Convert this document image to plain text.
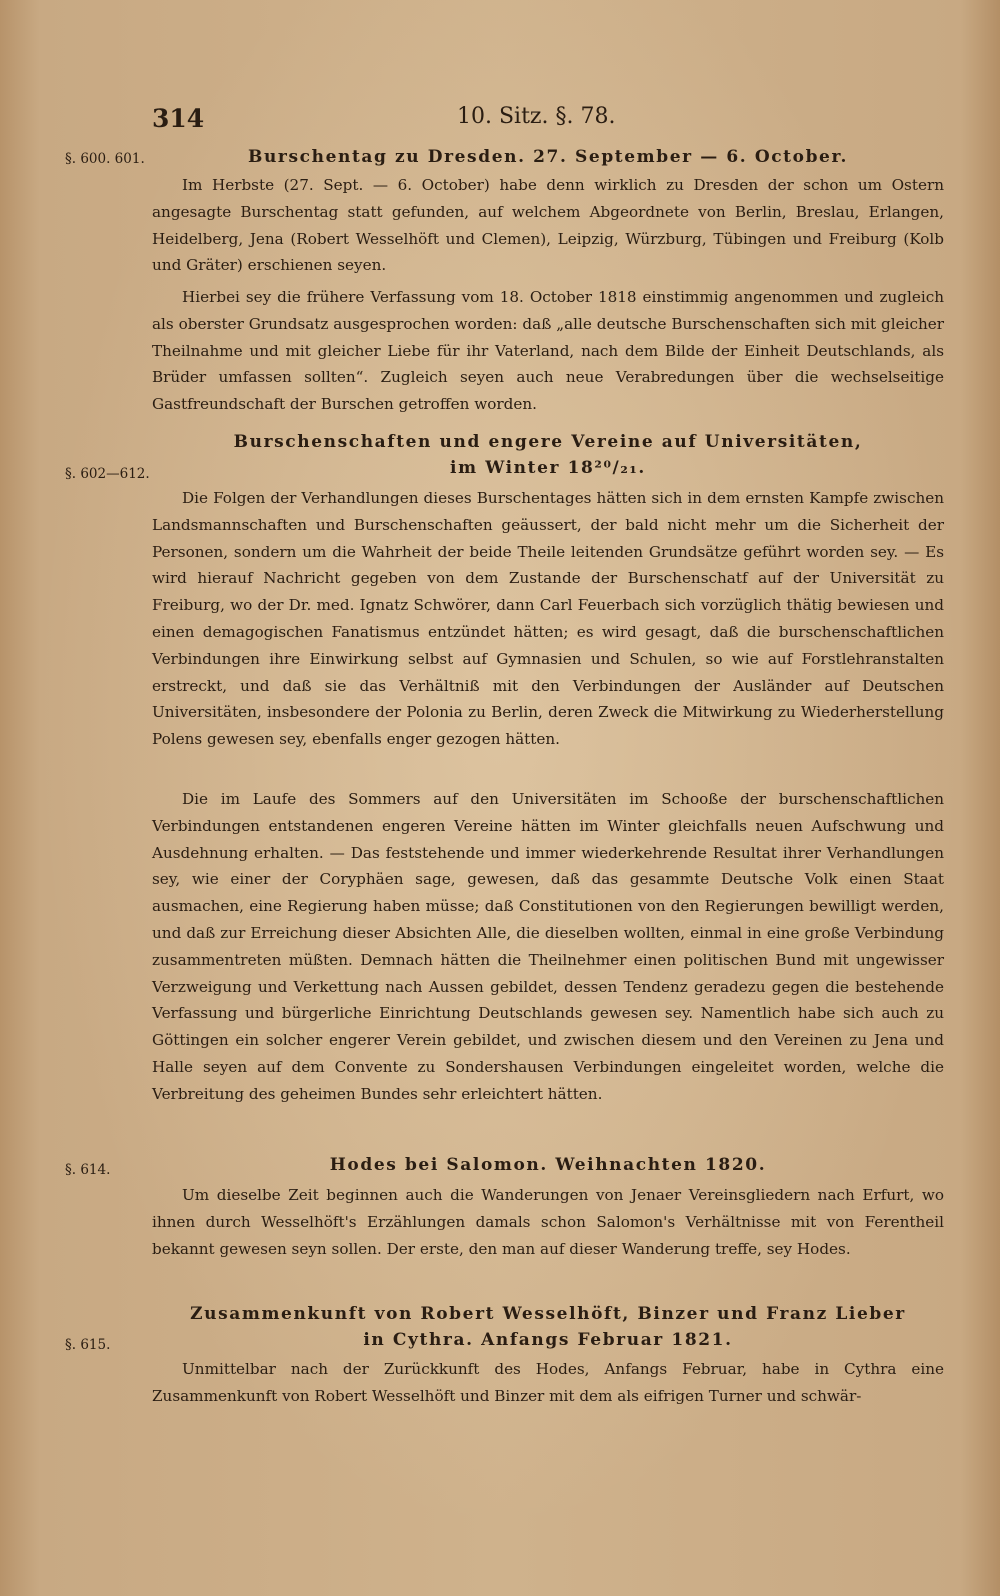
314	10. Sitz. §. 78.
§. 600. 601.	Burschentag zu Dresden. 27. September — 6. October.

Im Herbste (27. Sept. — 6. October) habe denn wirklich zu Dresden der schon um Ostern angesagte Burschentag statt gefunden, auf welchem Abgeordnete von Berlin, Breslau, Erlangen, Heidelberg, Jena (Robert Wesselhöft und Clemen), Leipzig, Würzburg, Tübingen und Freiburg (Kolb und Gräter) erschienen seyen.

Hierbei sey die frühere Verfassung vom 18. October 1818 einstimmig angenommen und zugleich als oberster Grundsatz ausgesprochen worden: daß „alle deutsche Burschenschaften sich mit gleicher Theilnahme und mit gleicher Liebe für ihr Vaterland, nach dem Bilde der Einheit Deutschlands, als Brüder umfassen sollten“. Zugleich seyen auch neue Verabredungen über die wechselseitige Gastfreundschaft der Burschen getroffen worden.

Burschenschaften und engere Vereine auf Universitäten,
§. 602—612.	im Winter 18²⁰/₂₁.

Die Folgen der Verhandlungen dieses Burschentages hätten sich in dem ernsten Kampfe zwischen Landsmannschaften und Burschenschaften geäussert, der bald nicht mehr um die Sicherheit der Personen, sondern um die Wahrheit der beide Theile leitenden Grundsätze geführt worden sey. — Es wird hierauf Nachricht gegeben von dem Zustande der Burschenschatf auf der Universität zu Freiburg, wo der Dr. med. Ignatz Schwörer, dann Carl Feuerbach sich vorzüglich thätig bewiesen und einen demagogischen Fanatismus entzündet hätten; es wird gesagt, daß die burschenschaftlichen Verbindungen ihre Einwirkung selbst auf Gymnasien und Schulen, so wie auf Forstlehranstalten erstreckt, und daß sie das Verhältniß mit den Verbindungen der Ausländer auf Deutschen Universitäten, insbesondere der Polonia zu Berlin, deren Zweck die Mitwirkung zu Wiederherstellung Polens gewesen sey, ebenfalls enger gezogen hätten.

Die im Laufe des Sommers auf den Universitäten im Schooße der burschenschaftlichen Verbindungen entstandenen engeren Vereine hätten im Winter gleichfalls neuen Aufschwung und Ausdehnung erhalten. — Das feststehende und immer wiederkehrende Resultat ihrer Verhandlungen sey, wie einer der Coryphäen sage, gewesen, daß das gesammte Deutsche Volk einen Staat ausmachen, eine Regierung haben müsse; daß Constitutionen von den Regierungen bewilligt werden, und daß zur Erreichung dieser Absichten Alle, die dieselben wollten, einmal in eine große Verbindung zusammentreten müßten. Demnach hätten die Theilnehmer einen politischen Bund mit ungewisser Verzweigung und Verkettung nach Aussen gebildet, dessen Tendenz geradezu gegen die bestehende Verfassung und bürgerliche Einrichtung Deutschlands gewesen sey. Namentlich habe sich auch zu Göttingen ein solcher engerer Verein gebildet, und zwischen diesem und den Vereinen zu Jena und Halle seyen auf dem Convente zu Sondershausen Verbindungen eingeleitet worden, welche die Verbreitung des geheimen Bundes sehr erleichtert hätten.

§. 614.	Hodes bei Salomon. Weihnachten 1820.

Um dieselbe Zeit beginnen auch die Wanderungen von Jenaer Vereinsgliedern nach Erfurt, wo ihnen durch Wesselhöft's Erzählungen damals schon Salomon's Verhältnisse mit von Ferentheil bekannt gewesen seyn sollen. Der erste, den man auf dieser Wanderung treffe, sey Hodes.

Zusammenkunft von Robert Wesselhöft, Binzer und Franz Lieber
§. 615.	in Cythra. Anfangs Februar 1821.

Unmittelbar nach der Zurückkunft des Hodes, Anfangs Februar, habe in Cythra eine Zusammenkunft von Robert Wesselhöft und Binzer mit dem als eifrigen Turner und schwär-
